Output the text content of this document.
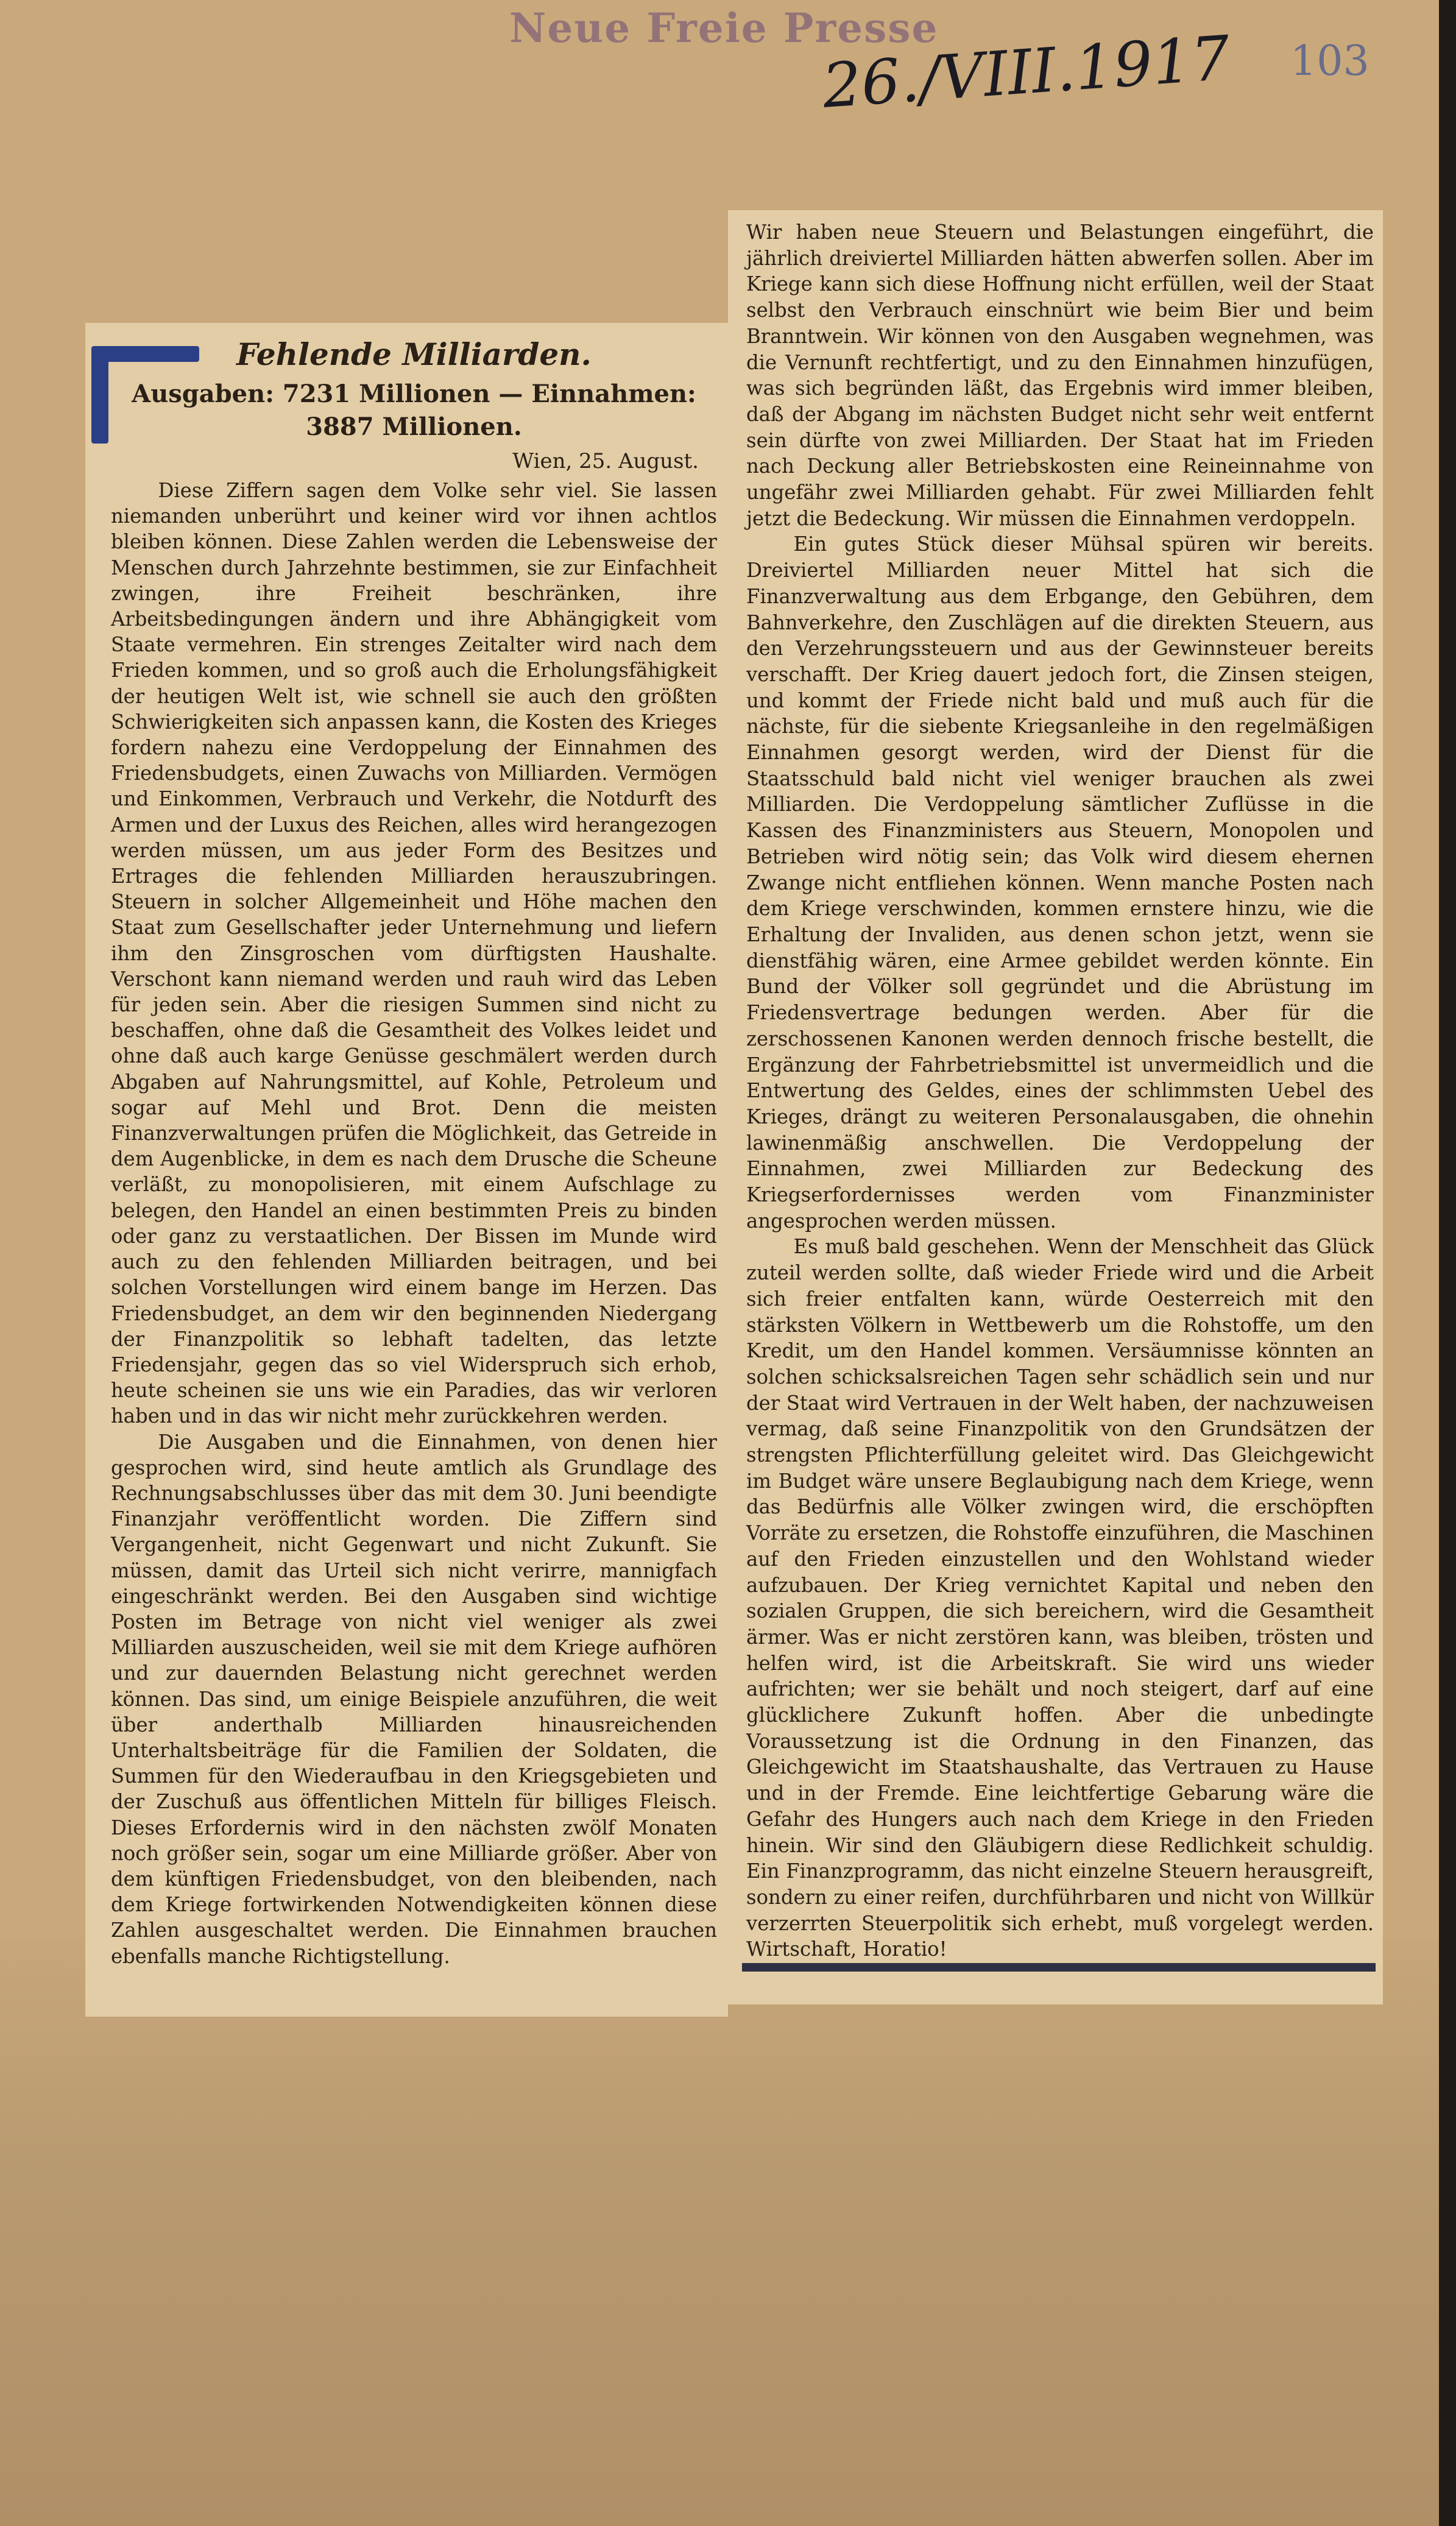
Neue Freie Presse
26./VIII.1917 103
Fehlende Milliarden.
Ausgaben: 7231 Millionen — Einnahmen: 3887 Millionen.
Wien, 25. August.

Diese Ziffern sagen dem Volke sehr viel. Sie lassen niemanden unberührt und keiner wird vor ihnen achtlos bleiben können. Diese Zahlen werden die Lebensweise der Menschen durch Jahrzehnte bestimmen, sie zur Einfachheit zwingen, ihre Freiheit beschränken, ihre Arbeitsbedingungen ändern und ihre Abhängigkeit vom Staate vermehren. Ein strenges Zeitalter wird nach dem Frieden kommen, und so groß auch die Erholungsfähigkeit der heutigen Welt ist, wie schnell sie auch den größten Schwierigkeiten sich anpassen kann, die Kosten des Krieges fordern nahezu eine Verdoppelung der Einnahmen des Friedensbudgets, einen Zuwachs von Milliarden. Vermögen und Einkommen, Verbrauch und Verkehr, die Notdurft des Armen und der Luxus des Reichen, alles wird herangezogen werden müssen, um aus jeder Form des Besitzes und Ertrages die fehlenden Milliarden herauszubringen. Steuern in solcher Allgemeinheit und Höhe machen den Staat zum Gesellschafter jeder Unternehmung und liefern ihm den Zinsgroschen vom dürftigsten Haushalte. Verschont kann niemand werden und rauh wird das Leben für jeden sein. Aber die riesigen Summen sind nicht zu beschaffen, ohne daß die Gesamtheit des Volkes leidet und ohne daß auch karge Genüsse geschmälert werden durch Abgaben auf Nahrungsmittel, auf Kohle, Petroleum und sogar auf Mehl und Brot. Denn die meisten Finanzverwaltungen prüfen die Möglichkeit, das Getreide in dem Augenblicke, in dem es nach dem Drusche die Scheune verläßt, zu monopolisieren, mit einem Aufschlage zu belegen, den Handel an einen bestimmten Preis zu binden oder ganz zu verstaatlichen. Der Bissen im Munde wird auch zu den fehlenden Milliarden beitragen, und bei solchen Vorstellungen wird einem bange im Herzen. Das Friedensbudget, an dem wir den beginnenden Niedergang der Finanzpolitik so lebhaft tadelten, das letzte Friedensjahr, gegen das so viel Widerspruch sich erhob, heute scheinen sie uns wie ein Paradies, das wir verloren haben und in das wir nicht mehr zurückkehren werden.

Die Ausgaben und die Einnahmen, von denen hier gesprochen wird, sind heute amtlich als Grundlage des Rechnungsabschlusses über das mit dem 30. Juni beendigte Finanzjahr veröffentlicht worden. Die Ziffern sind Vergangenheit, nicht Gegenwart und nicht Zukunft. Sie müssen, damit das Urteil sich nicht verirre, mannigfach eingeschränkt werden. Bei den Ausgaben sind wichtige Posten im Betrage von nicht viel weniger als zwei Milliarden auszuscheiden, weil sie mit dem Kriege aufhören und zur dauernden Belastung nicht gerechnet werden können. Das sind, um einige Beispiele anzuführen, die weit über anderthalb Milliarden hinausreichenden Unterhaltsbeiträge für die Familien der Soldaten, die Summen für den Wiederaufbau in den Kriegsgebieten und der Zuschuß aus öffentlichen Mitteln für billiges Fleisch. Dieses Erfordernis wird in den nächsten zwölf Monaten noch größer sein, sogar um eine Milliarde größer. Aber von dem künftigen Friedensbudget, von den bleibenden, nach dem Kriege fortwirkenden Notwendigkeiten können diese Zahlen ausgeschaltet werden. Die Einnahmen brauchen ebenfalls manche Richtigstellung.

Wir haben neue Steuern und Belastungen eingeführt, die jährlich dreiviertel Milliarden hätten abwerfen sollen. Aber im Kriege kann sich diese Hoffnung nicht erfüllen, weil der Staat selbst den Verbrauch einschnürt wie beim Bier und beim Branntwein. Wir können von den Ausgaben wegnehmen, was die Vernunft rechtfertigt, und zu den Einnahmen hinzufügen, was sich begründen läßt, das Ergebnis wird immer bleiben, daß der Abgang im nächsten Budget nicht sehr weit entfernt sein dürfte von zwei Milliarden. Der Staat hat im Frieden nach Deckung aller Betriebskosten eine Reineinnahme von ungefähr zwei Milliarden gehabt. Für zwei Milliarden fehlt jetzt die Bedeckung. Wir müssen die Einnahmen verdoppeln.

Ein gutes Stück dieser Mühsal spüren wir bereits. Dreiviertel Milliarden neuer Mittel hat sich die Finanzverwaltung aus dem Erbgange, den Gebühren, dem Bahnverkehre, den Zuschlägen auf die direkten Steuern, aus den Verzehrungssteuern und aus der Gewinnsteuer bereits verschafft. Der Krieg dauert jedoch fort, die Zinsen steigen, und kommt der Friede nicht bald und muß auch für die nächste, für die siebente Kriegsanleihe in den regelmäßigen Einnahmen gesorgt werden, wird der Dienst für die Staatsschuld bald nicht viel weniger brauchen als zwei Milliarden. Die Verdoppelung sämtlicher Zuflüsse in die Kassen des Finanzministers aus Steuern, Monopolen und Betrieben wird nötig sein; das Volk wird diesem ehernen Zwange nicht entfliehen können. Wenn manche Posten nach dem Kriege verschwinden, kommen ernstere hinzu, wie die Erhaltung der Invaliden, aus denen schon jetzt, wenn sie dienstfähig wären, eine Armee gebildet werden könnte. Ein Bund der Völker soll gegründet und die Abrüstung im Friedensvertrage bedungen werden. Aber für die zerschossenen Kanonen werden dennoch frische bestellt, die Ergänzung der Fahrbetriebsmittel ist unvermeidlich und die Entwertung des Geldes, eines der schlimmsten Uebel des Krieges, drängt zu weiteren Personalausgaben, die ohnehin lawinenmäßig anschwellen. Die Verdoppelung der Einnahmen, zwei Milliarden zur Bedeckung des Kriegserfordernisses werden vom Finanzminister angesprochen werden müssen.

Es muß bald geschehen. Wenn der Menschheit das Glück zuteil werden sollte, daß wieder Friede wird und die Arbeit sich freier entfalten kann, würde Oesterreich mit den stärksten Völkern in Wettbewerb um die Rohstoffe, um den Kredit, um den Handel kommen. Versäumnisse könnten an solchen schicksalsreichen Tagen sehr schädlich sein und nur der Staat wird Vertrauen in der Welt haben, der nachzuweisen vermag, daß seine Finanzpolitik von den Grundsätzen der strengsten Pflichterfüllung geleitet wird. Das Gleichgewicht im Budget wäre unsere Beglaubigung nach dem Kriege, wenn das Bedürfnis alle Völker zwingen wird, die erschöpften Vorräte zu ersetzen, die Rohstoffe einzuführen, die Maschinen auf den Frieden einzustellen und den Wohlstand wieder aufzubauen. Der Krieg vernichtet Kapital und neben den sozialen Gruppen, die sich bereichern, wird die Gesamtheit ärmer. Was er nicht zerstören kann, was bleiben, trösten und helfen wird, ist die Arbeitskraft. Sie wird uns wieder aufrichten; wer sie behält und noch steigert, darf auf eine glücklichere Zukunft hoffen. Aber die unbedingte Voraussetzung ist die Ordnung in den Finanzen, das Gleichgewicht im Staatshaushalte, das Vertrauen zu Hause und in der Fremde. Eine leichtfertige Gebarung wäre die Gefahr des Hungers auch nach dem Kriege in den Frieden hinein. Wir sind den Gläubigern diese Redlichkeit schuldig. Ein Finanzprogramm, das nicht einzelne Steuern herausgreift, sondern zu einer reifen, durchführbaren und nicht von Willkür verzerrten Steuerpolitik sich erhebt, muß vorgelegt werden. Wirtschaft, Horatio!
